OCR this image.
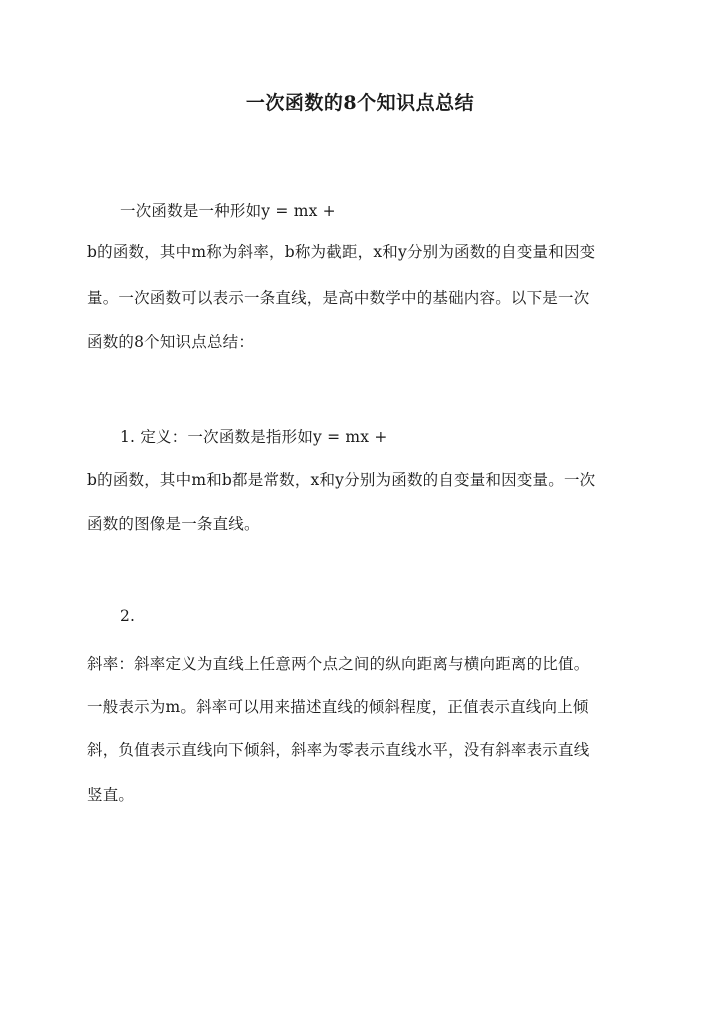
一次函数的8个知识点总结
一次函数是一种形如y = mx +
b的函数，其中m称为斜率，b称为截距，x和y分别为函数的自变量和因变
量。一次函数可以表示一条直线，是高中数学中的基础内容。以下是一次
函数的8个知识点总结：
1. 定义：一次函数是指形如y = mx +
b的函数，其中m和b都是常数，x和y分别为函数的自变量和因变量。一次
函数的图像是一条直线。
2.
斜率：斜率定义为直线上任意两个点之间的纵向距离与横向距离的比值。
一般表示为m。斜率可以用来描述直线的倾斜程度，正值表示直线向上倾
斜，负值表示直线向下倾斜，斜率为零表示直线水平，没有斜率表示直线
竖直。
